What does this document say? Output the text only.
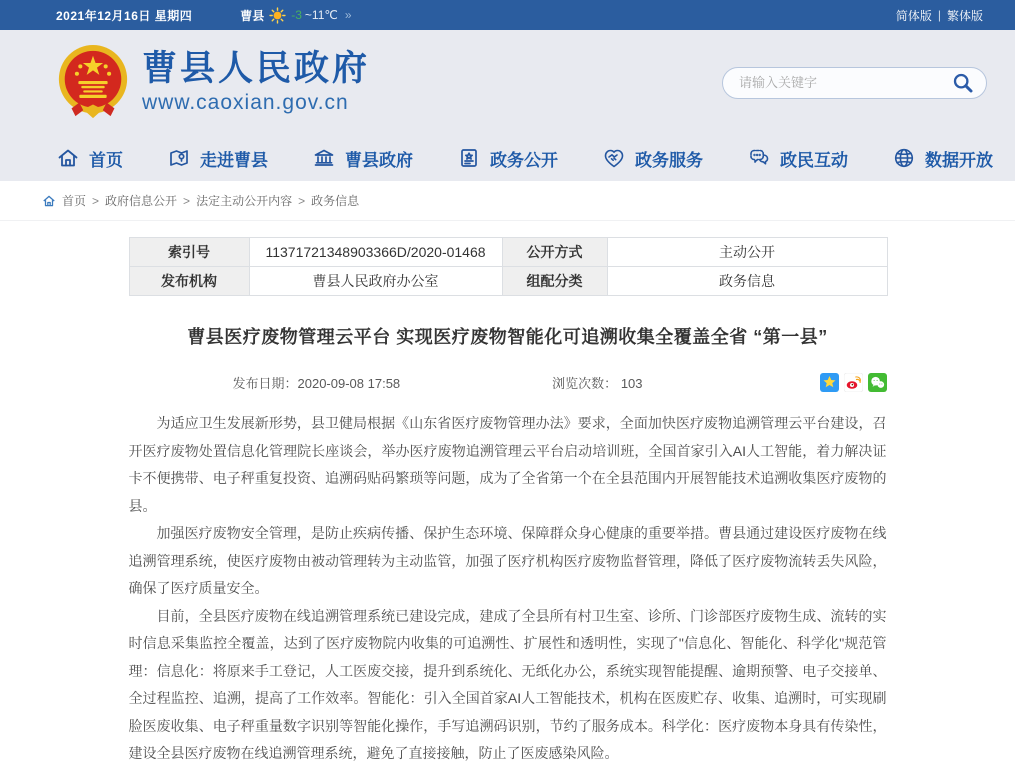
2021年12月16日 星期四	曹县 -3 ~11℃ »	简体版 | 繁体版
曹县人民政府
www.caoxian.gov.cn
请输入关键字
首页	走进曹县	曹县政府	政务公开	政务服务	政民互动	数据开放
首页 > 政府信息公开 > 法定主动公开内容 > 政务信息
索引号	11371721348903366D/2020-01468	公开方式	主动公开
发布机构	曹县人民政府办公室	组配分类	政务信息
曹县医疗废物管理云平台 实现医疗废物智能化可追溯收集全覆盖全省 “第一县”
发布日期：2020-09-08 17:58	浏览次数： 103

为适应卫生发展新形势，县卫健局根据《山东省医疗废物管理办法》要求，全面加快医疗废物追溯管理云平台建设，召开医疗废物处置信息化管理院长座谈会，举办医疗废物追溯管理云平台启动培训班，全国首家引入AI人工智能，着力解决证卡不便携带、电子秤重复投资、追溯码贴码繁琐等问题，成为了全省第一个在全县范围内开展智能技术追溯收集医疗废物的县。

加强医疗废物安全管理，是防止疾病传播、保护生态环境、保障群众身心健康的重要举措。曹县通过建设医疗废物在线追溯管理系统，使医疗废物由被动管理转为主动监管，加强了医疗机构医疗废物监督管理，降低了医疗废物流转丢失风险，确保了医疗质量安全。

目前，全县医疗废物在线追溯管理系统已建设完成，建成了全县所有村卫生室、诊所、门诊部医疗废物生成、流转的实时信息采集监控全覆盖，达到了医疗废物院内收集的可追溯性、扩展性和透明性，实现了"信息化、智能化、科学化"规范管理：信息化：将原来手工登记，人工医废交接，提升到系统化、无纸化办公，系统实现智能提醒、逾期预警、电子交接单、全过程监控、追溯，提高了工作效率。智能化：引入全国首家AI人工智能技术，机构在医废贮存、收集、追溯时，可实现刷脸医废收集、电子秤重量数字识别等智能化操作，手写追溯码识别，节约了服务成本。科学化：医疗废物本身具有传染性，建设全县医疗废物在线追溯管理系统，避免了直接接触，防止了医废感染风险。
